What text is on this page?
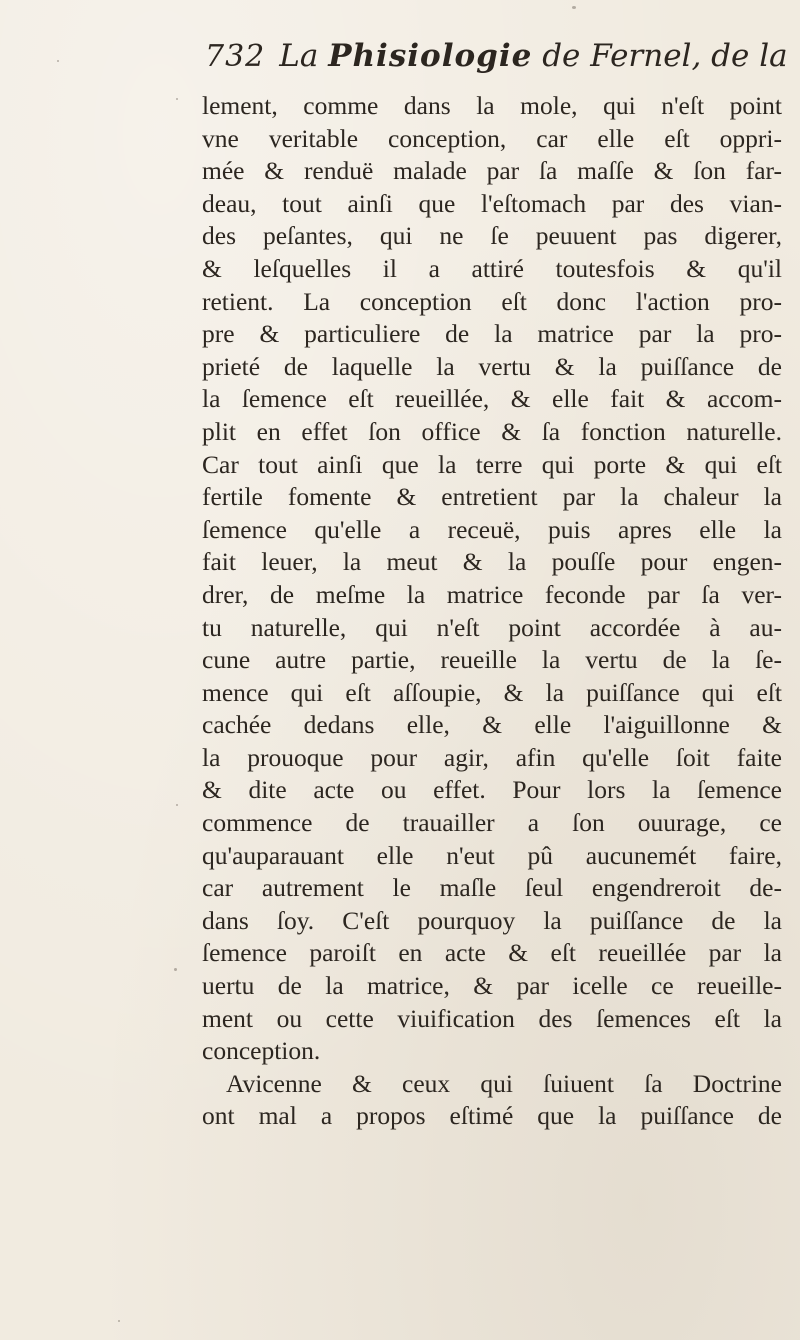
732 La Phisiologie de Fernel, de la
lement, comme dans la mole, qui n'eſt point
vne veritable conception, car elle eſt oppri-
mée & renduë malade par ſa maſſe & ſon far-
deau, tout ainſi que l'eſtomach par des vian-
des peſantes, qui ne ſe peuuent pas digerer,
& leſquelles il a attiré toutesfois & qu'il
retient. La conception eſt donc l'action pro-
pre & particuliere de la matrice par la pro-
prieté de laquelle la vertu & la puiſſance de
la ſemence eſt reueillée, & elle fait & accom-
plit en effet ſon office & ſa fonction naturelle.
Car tout ainſi que la terre qui porte & qui eſt
fertile fomente & entretient par la chaleur la
ſemence qu'elle a receuë, puis apres elle la
fait leuer, la meut & la pouſſe pour engen-
drer, de meſme la matrice feconde par ſa ver-
tu naturelle, qui n'eſt point accordée à au-
cune autre partie, reueille la vertu de la ſe-
mence qui eſt aſſoupie, & la puiſſance qui eſt
cachée dedans elle, & elle l'aiguillonne &
la prouoque pour agir, afin qu'elle ſoit faite
& dite acte ou effet. Pour lors la ſemence
commence de trauailler a ſon ouurage, ce
qu'auparauant elle n'eut pû aucunemét faire,
car autrement le maſle ſeul engendreroit de-
dans ſoy. C'eſt pourquoy la puiſſance de la
ſemence paroiſt en acte & eſt reueillée par la
uertu de la matrice, & par icelle ce reueille-
ment ou cette viuification des ſemences eſt la
conception.
Avicenne & ceux qui ſuiuent ſa Doctrine
ont mal a propos eſtimé que la puiſſance de
